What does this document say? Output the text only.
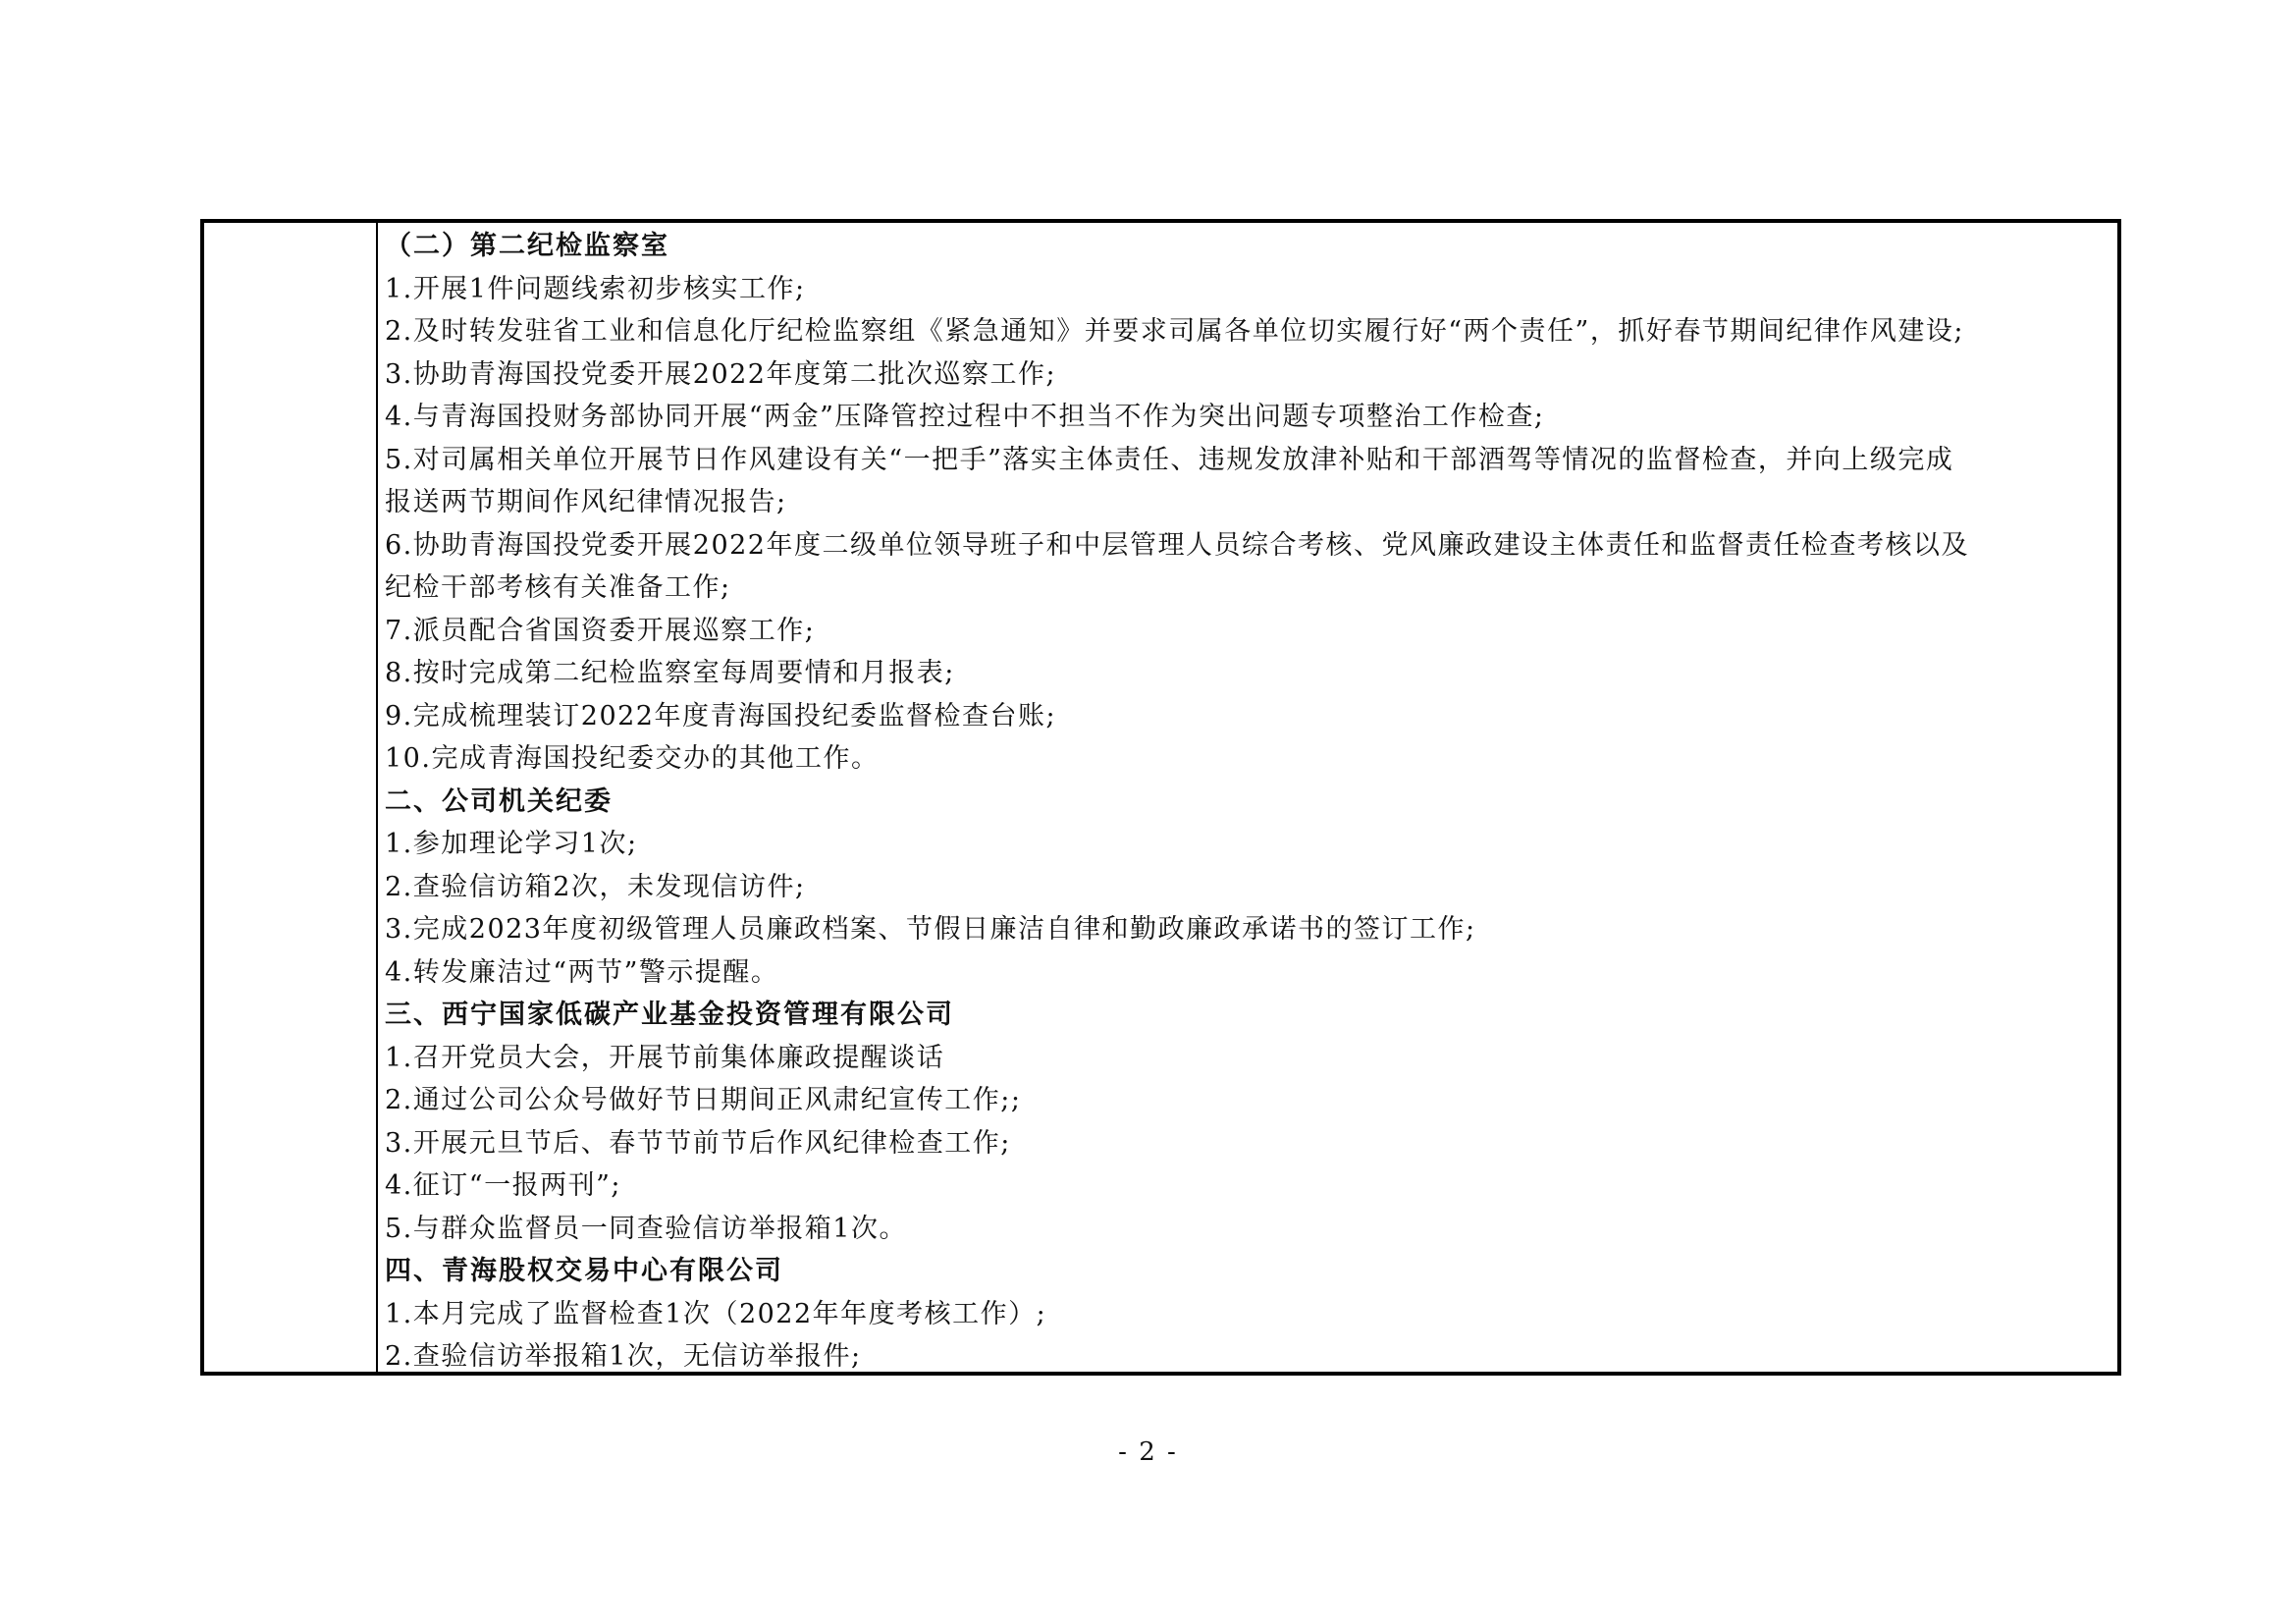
（二）第二纪检监察室
1.开展1件问题线索初步核实工作;
2.及时转发驻省工业和信息化厅纪检监察组《紧急通知》并要求司属各单位切实履行好“两个责任”，抓好春节期间纪律作风建设;
3.协助青海国投党委开展2022年度第二批次巡察工作;
4.与青海国投财务部协同开展“两金”压降管控过程中不担当不作为突出问题专项整治工作检查;
5.对司属相关单位开展节日作风建设有关“一把手”落实主体责任、违规发放津补贴和干部酒驾等情况的监督检查，并向上级完成
报送两节期间作风纪律情况报告;
6.协助青海国投党委开展2022年度二级单位领导班子和中层管理人员综合考核、党风廉政建设主体责任和监督责任检查考核以及
纪检干部考核有关准备工作;
7.派员配合省国资委开展巡察工作;
8.按时完成第二纪检监察室每周要情和月报表;
9.完成梳理装订2022年度青海国投纪委监督检查台账;
10.完成青海国投纪委交办的其他工作。
二、公司机关纪委
1.参加理论学习1次;
2.查验信访箱2次，未发现信访件;
3.完成2023年度初级管理人员廉政档案、节假日廉洁自律和勤政廉政承诺书的签订工作;
4.转发廉洁过“两节”警示提醒。
三、西宁国家低碳产业基金投资管理有限公司
1.召开党员大会，开展节前集体廉政提醒谈话
2.通过公司公众号做好节日期间正风肃纪宣传工作;;
3.开展元旦节后、春节节前节后作风纪律检查工作;
4.征订“一报两刊”;
5.与群众监督员一同查验信访举报箱1次。
四、青海股权交易中心有限公司
1.本月完成了监督检查1次（2022年年度考核工作）;
2.查验信访举报箱1次，无信访举报件;
- 2 -
